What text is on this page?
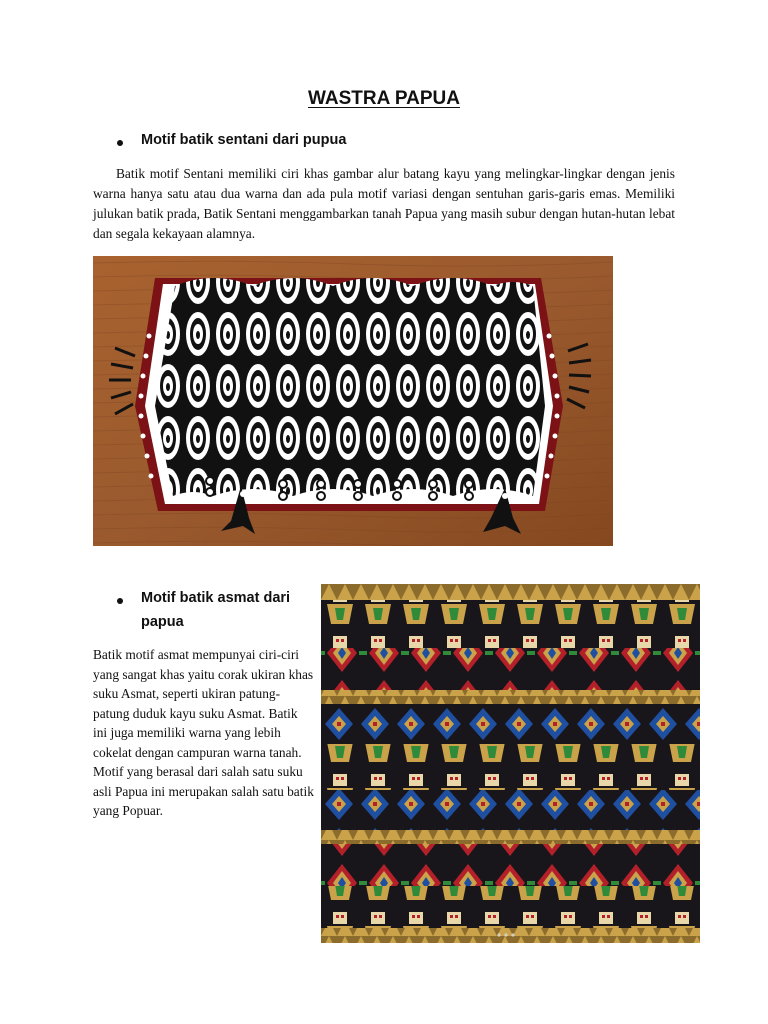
WASTRA PAPUA
Motif batik sentani dari pupua
Batik motif Sentani memiliki ciri khas gambar alur batang kayu yang melingkar-lingkar dengan jenis warna hanya satu atau dua warna dan ada pula motif variasi dengan sentuhan garis-garis emas. Memiliki julukan batik prada, Batik Sentani menggambarkan tanah Papua yang masih subur dengan hutan-hutan lebat dan segala kekayaan alamnya.
Motif batik asmat dari
papua
Batik motif asmat mempunyai ciri-ciri yang sangat khas yaitu corak ukiran khas suku Asmat, seperti ukiran patung-patung duduk kayu suku Asmat. Batik ini juga memiliki warna yang lebih cokelat dengan campuran warna tanah. Motif yang berasal dari salah satu suku asli Papua ini merupakan salah satu batik yang Popuar.
